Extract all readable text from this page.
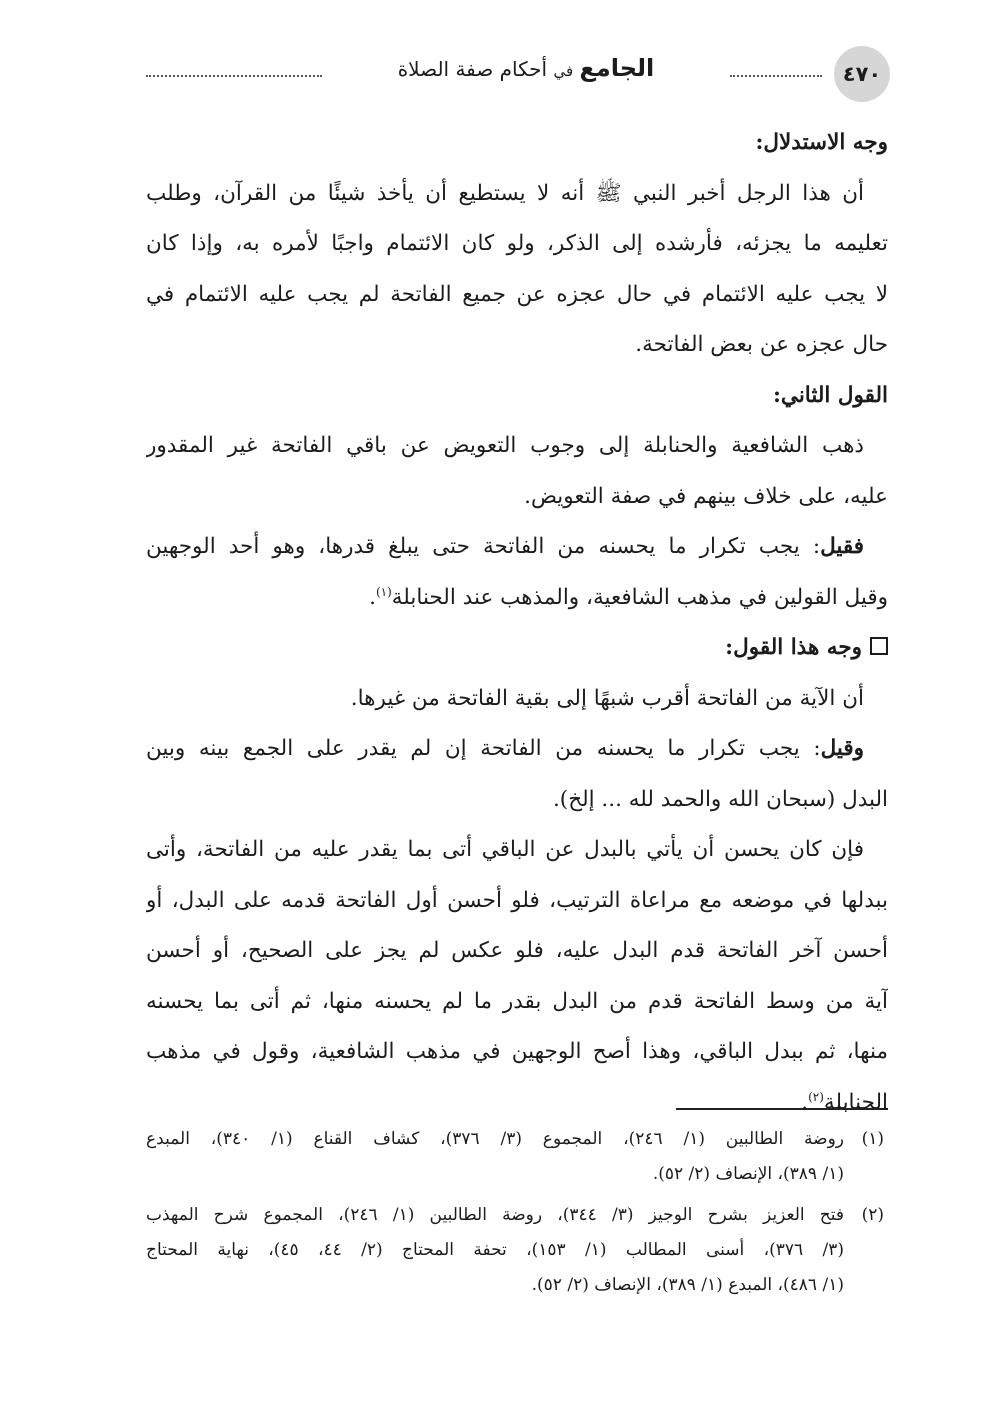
٤٧٠
الجامع في أحكام صفة الصلاة
وجه الاستدلال:
أن هذا الرجل أخبر النبي ﷺ أنه لا يستطيع أن يأخذ شيئًا من القرآن، وطلب
تعليمه ما يجزئه، فأرشده إلى الذكر، ولو كان الائتمام واجبًا لأمره به، وإذا كان
لا يجب عليه الائتمام في حال عجزه عن جميع الفاتحة لم يجب عليه الائتمام في
حال عجزه عن بعض الفاتحة.
القول الثاني:
ذهب الشافعية والحنابلة إلى وجوب التعويض عن باقي الفاتحة غير المقدور
عليه، على خلاف بينهم في صفة التعويض.
فقيل: يجب تكرار ما يحسنه من الفاتحة حتى يبلغ قدرها، وهو أحد الوجهين
وقيل القولين في مذهب الشافعية، والمذهب عند الحنابلة$^{(١)}$.
وجه هذا القول:
أن الآية من الفاتحة أقرب شبهًا إلى بقية الفاتحة من غيرها.
وقيل: يجب تكرار ما يحسنه من الفاتحة إن لم يقدر على الجمع بينه وبين
البدل (سبحان الله والحمد لله ... إلخ).
فإن كان يحسن أن يأتي بالبدل عن الباقي أتى بما يقدر عليه من الفاتحة، وأتى
ببدلها في موضعه مع مراعاة الترتيب، فلو أحسن أول الفاتحة قدمه على البدل، أو
أحسن آخر الفاتحة قدم البدل عليه، فلو عكس لم يجز على الصحيح، أو أحسن
آية من وسط الفاتحة قدم من البدل بقدر ما لم يحسنه منها، ثم أتى بما يحسنه
منها، ثم ببدل الباقي، وهذا أصح الوجهين في مذهب الشافعية، وقول في مذهب
الحنابلة$^{(٢)}$.
(١)
روضة الطالبين (١/ ٢٤٦)، المجموع (٣/ ٣٧٦)، كشاف القناع (١/ ٣٤٠)، المبدع
(١/ ٣٨٩)، الإنصاف (٢/ ٥٢).
(٢)
فتح العزيز بشرح الوجيز (٣/ ٣٤٤)، روضة الطالبين (١/ ٢٤٦)، المجموع شرح المهذب
(٣/ ٣٧٦)، أسنى المطالب (١/ ١٥٣)، تحفة المحتاج (٢/ ٤٤، ٤٥)، نهاية المحتاج
(١/ ٤٨٦)، المبدع (١/ ٣٨٩)، الإنصاف (٢/ ٥٢).
